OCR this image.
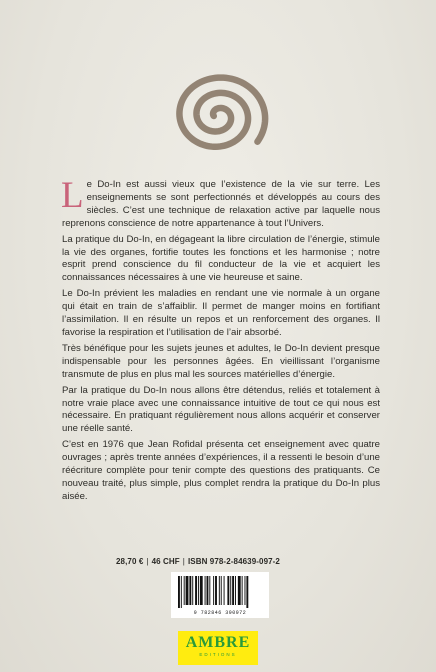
Le Do-In est aussi vieux que l’existence de la vie sur terre. Les enseignements se sont perfectionnés et développés au cours des siècles. C’est une technique de relaxation active par laquelle nous reprenons conscience de notre appartenance à tout l’Univers.

La pratique du Do-In, en dégageant la libre circulation de l’énergie, stimule la vie des organes, fortifie toutes les fonctions et les harmonise ; notre esprit prend conscience du fil conducteur de la vie et acquiert les connaissances nécessaires à une vie heureuse et saine.

Le Do-In prévient les maladies en rendant une vie normale à un organe qui était en train de s’affaiblir. Il permet de manger moins en fortifiant l’assimilation. Il en résulte un repos et un renforcement des organes. Il favorise la respiration et l’utilisation de l’air absorbé.

Très bénéfique pour les sujets jeunes et adultes, le Do-In devient presque indispensable pour les personnes âgées. En vieillissant l’organisme transmute de plus en plus mal les sources matérielles d’énergie.

Par la pratique du Do-In nous allons être détendus, reliés et totalement à notre vraie place avec une connaissance intuitive de tout ce qui nous est nécessaire. En pratiquant régulièrement nous allons acquérir et conserver une réelle santé.

C’est en 1976 que Jean Rofidal présenta cet enseignement avec quatre ouvrages ; après trente années d’expériences, il a ressenti le besoin d’une réécriture complète pour tenir compte des questions des pratiquants. Ce nouveau traité, plus simple, plus complet rendra la pratique du Do-In plus aisée.

28,70 € | 46 CHF | ISBN 978-2-84639-097-2
9 782846 390972
AMBRE
EDITIONS
